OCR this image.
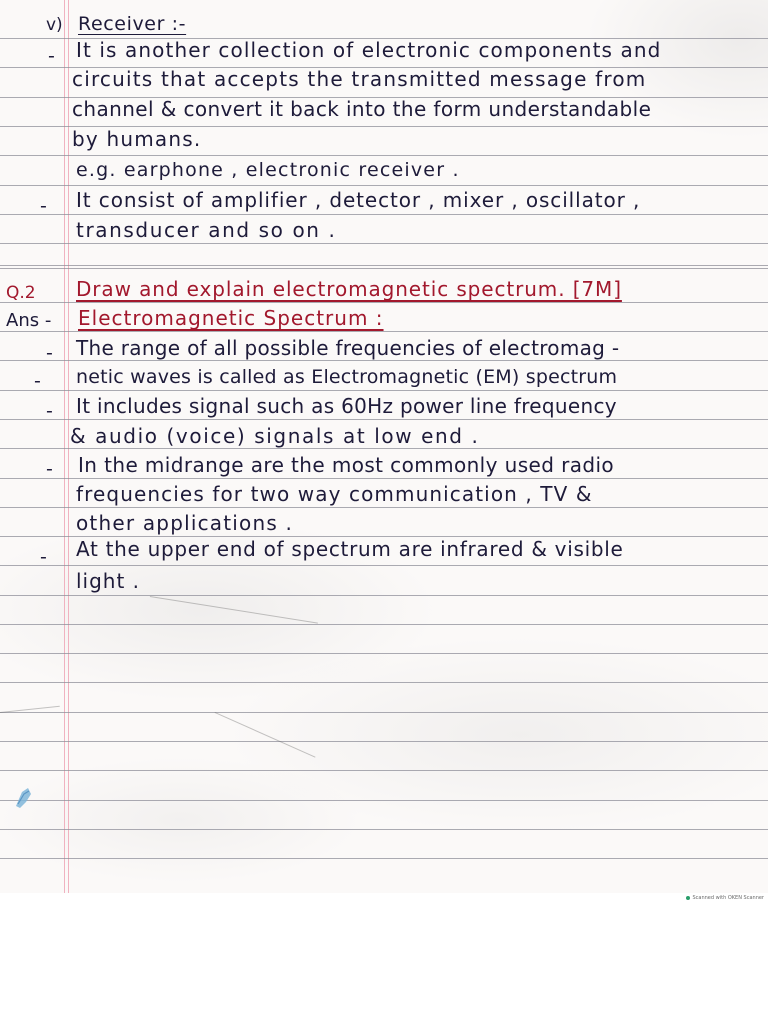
v) Receiver :-
- It is another collection of electronic components and
circuits that accepts the transmitted message from
channel & convert it back into the form understandable
by humans.
e.g. earphone , electronic receiver .
- It consist of amplifier , detector , mixer , oscillator ,
transducer and so on .
Q.2 Draw and explain electromagnetic spectrum. [7M]
Ans - Electromagnetic Spectrum :
- The range of all possible frequencies of electromag -
- netic waves is called as Electromagnetic (EM) spectrum
- It includes signal such as 60Hz power line frequency
& audio (voice) signals at low end .
- In the midrange are the most commonly used radio
frequencies for two way communication , TV &
other applications .
- At the upper end of spectrum are infrared & visible
light .
Scanned with OKEN Scanner
